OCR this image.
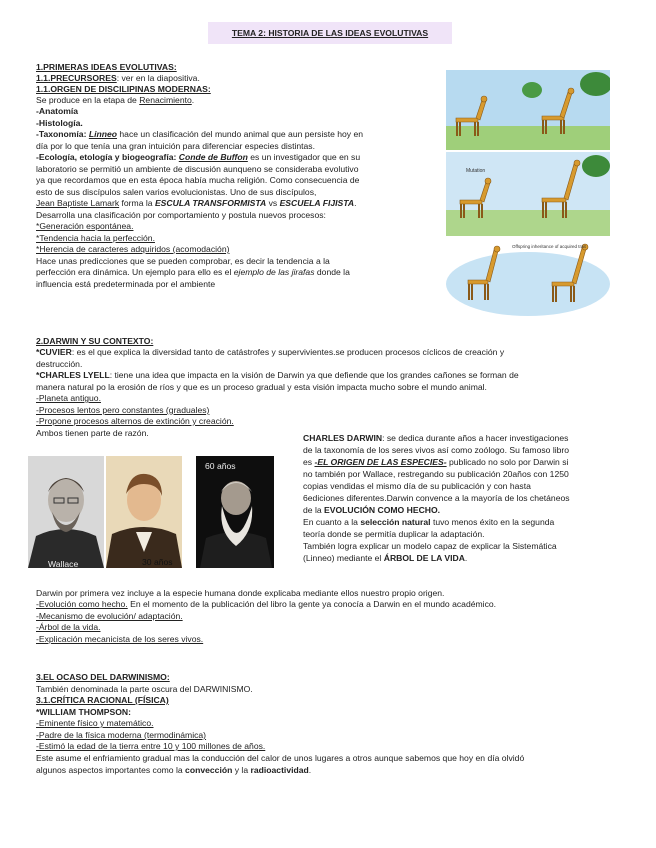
TEMA 2: HISTORIA DE LAS IDEAS EVOLUTIVAS
1.PRIMERAS IDEAS EVOLUTIVAS:
1.1.PRECURSORES: ver en la diapositiva.
1.1.ORGEN DE DISCILIPINAS MODERNAS:
Se produce en la etapa de Renacimiento.
-Anatomía
-Histología.
-Taxonomía: Linneo hace un clasificación del mundo animal que aun persiste hoy en
día por lo que tenía una gran intuición para diferenciar especies distintas.
-Ecología, etología y biogeografía: Conde de Buffon es un investigador que en su
laboratorio se permitió un ambiente de discusión aunqueno se consideraba evolutivo
ya que recordamos que en esta época había mucha religión. Como consecuencia de
esto de sus discípulos salen varios evolucionistas. Uno de sus discípulos,
Jean Baptiste Lamark forma la ESCULA TRANSFORMISTA vs ESCUELA FIJISTA.
Desarrolla una clasificación por comportamiento y postula nuevos procesos:
*Generación espontánea.
*Tendencia hacia la perfección.
*Herencia de caracteres adquiridos (acomodación)
Hace unas predicciones que se pueden comprobar, es decir la tendencia a la
perfección era dinámica. Un ejemplo para ello es el ejemplo de las jirafas donde la
influencia está predeterminada por el ambiente
Mutation
Offspring inheritance of acquired trait
2.DARWIN Y SU CONTEXTO:
*CUVIER: es el que explica la diversidad tanto de catástrofes y supervivientes.se producen procesos cíclicos de creación y
destrucción.
*CHARLES LYELL: tiene una idea que impacta en la visión de Darwin ya que defiende que los grandes cañones se forman de
manera natural po la erosión de ríos y que es un proceso gradual y esta visión impacta mucho sobre el mundo animal.
-Planeta antiguo.
-Procesos lentos pero constantes (graduales)
-Propone procesos alternos de extinción y creación.
Ambos tienen parte de razón.
Wallace	30 años
60 años
CHARLES DARWIN: se dedica durante años a hacer investigaciones
de la taxonomía de los seres vivos así como zoólogo. Su famoso libro
es -EL ORIGEN DE LAS ESPECIES- publicado no solo por Darwin si
no también por Wallace, restregando su publicación 20años con 1250
copias vendidas el mismo día de su publicación y con hasta
6ediciones diferentes.Darwin convence a la mayoría de los chetáneos
de la EVOLUCIÓN COMO HECHO.
En cuanto a la selección natural tuvo menos éxito en la segunda
teoría donde se permitía duplicar la adaptación.
También logra explicar un modelo capaz de explicar la Sistemática
(Linneo) mediante el ÁRBOL DE LA VIDA.
Darwin por primera vez incluye a la especie humana donde explicaba mediante ellos nuestro propio origen.
-Evolución como hecho. En el momento de la publicación del libro la gente ya conocía a Darwin en el mundo académico.
-Mecanismo de evolución/ adaptación.
-Árbol de la vida.
-Explicación mecanicista de los seres vivos.
3.EL OCASO DEL DARWINISMO:
También denominada la parte oscura del DARWINISMO.
3.1.CRÍTICA RACIONAL (FÍSICA)
*WILLIAM THOMPSON:
-Eminente físico y matemático.
-Padre de la física moderna (termodinámica)
-Estimó la edad de la tierra entre 10 y 100 millones de años.
Este asume el enfriamiento gradual mas la conducción del calor de unos lugares a otros aunque sabemos que hoy en día olvidó
algunos aspectos importantes como la convección y la radioactividad.
